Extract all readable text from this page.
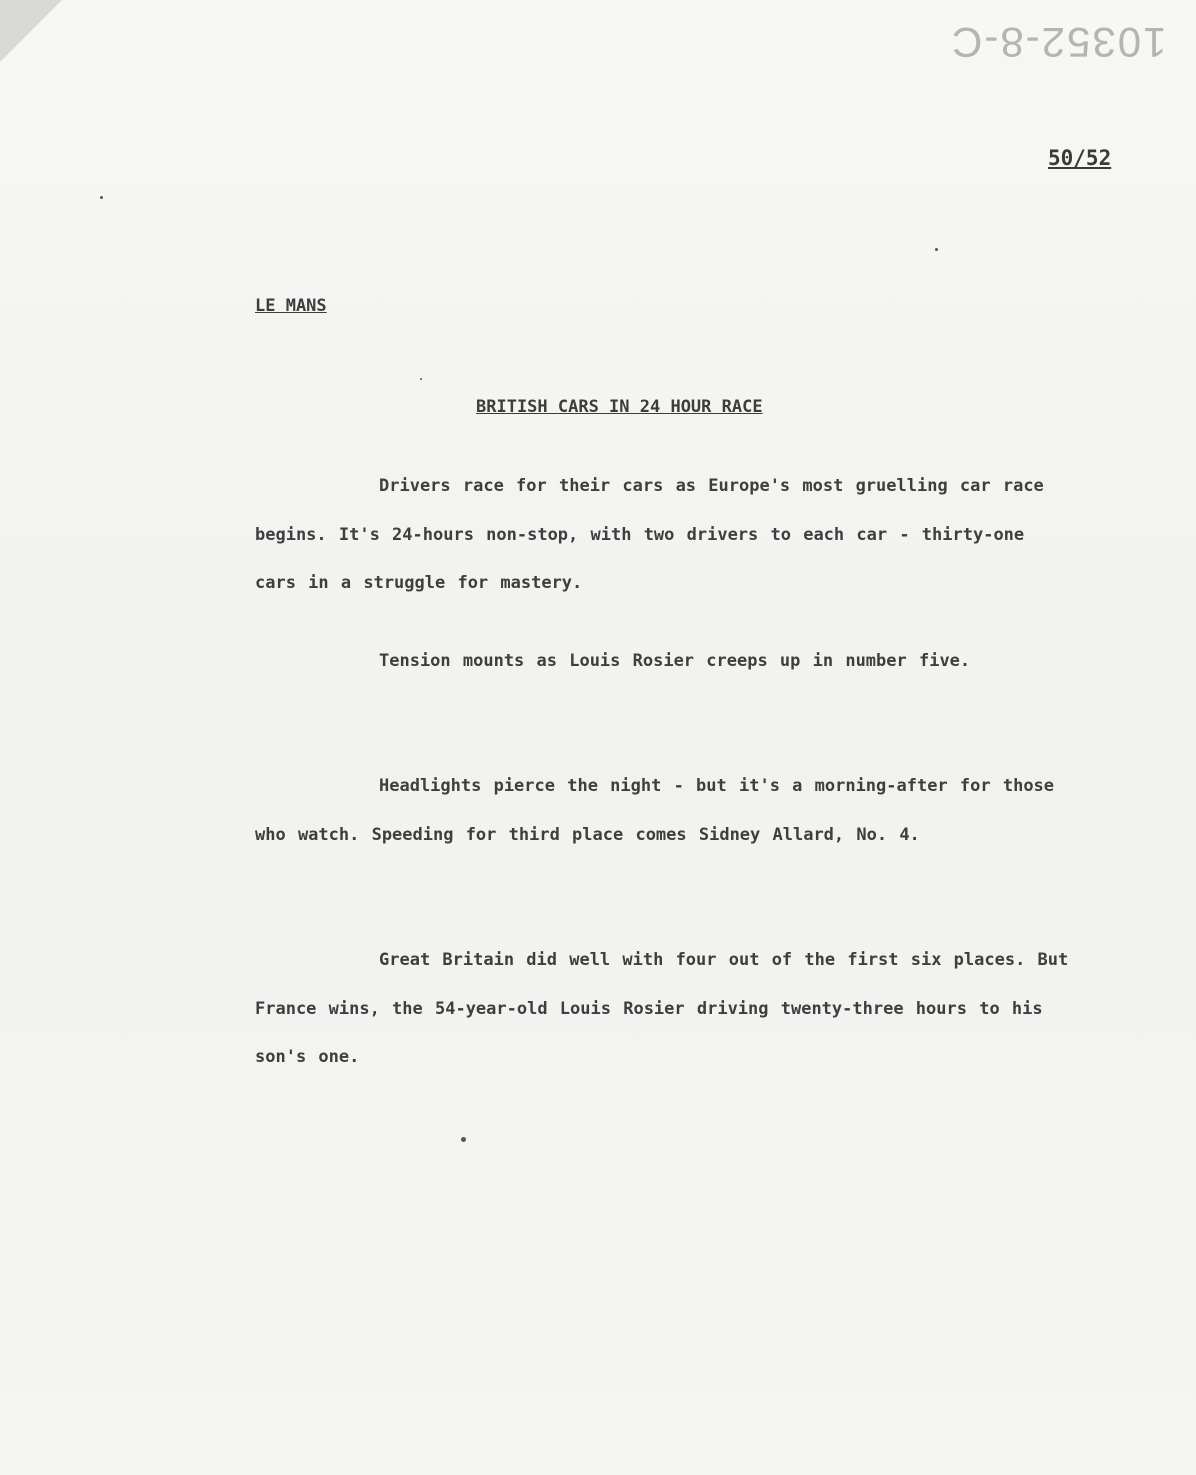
10352-8-C
50/52
LE MANS
BRITISH CARS IN 24 HOUR RACE

Drivers race for their cars as Europe's most gruelling car race begins. It's 24-hours non-stop, with two drivers to each car - thirty-one cars in a struggle for mastery.

Tension mounts as Louis Rosier creeps up in number five.

Headlights pierce the night - but it's a morning-after for those who watch. Speeding for third place comes Sidney Allard, No. 4.

Great Britain did well with four out of the first six places. But France wins, the 54-year-old Louis Rosier driving twenty-three hours to his son's one.
